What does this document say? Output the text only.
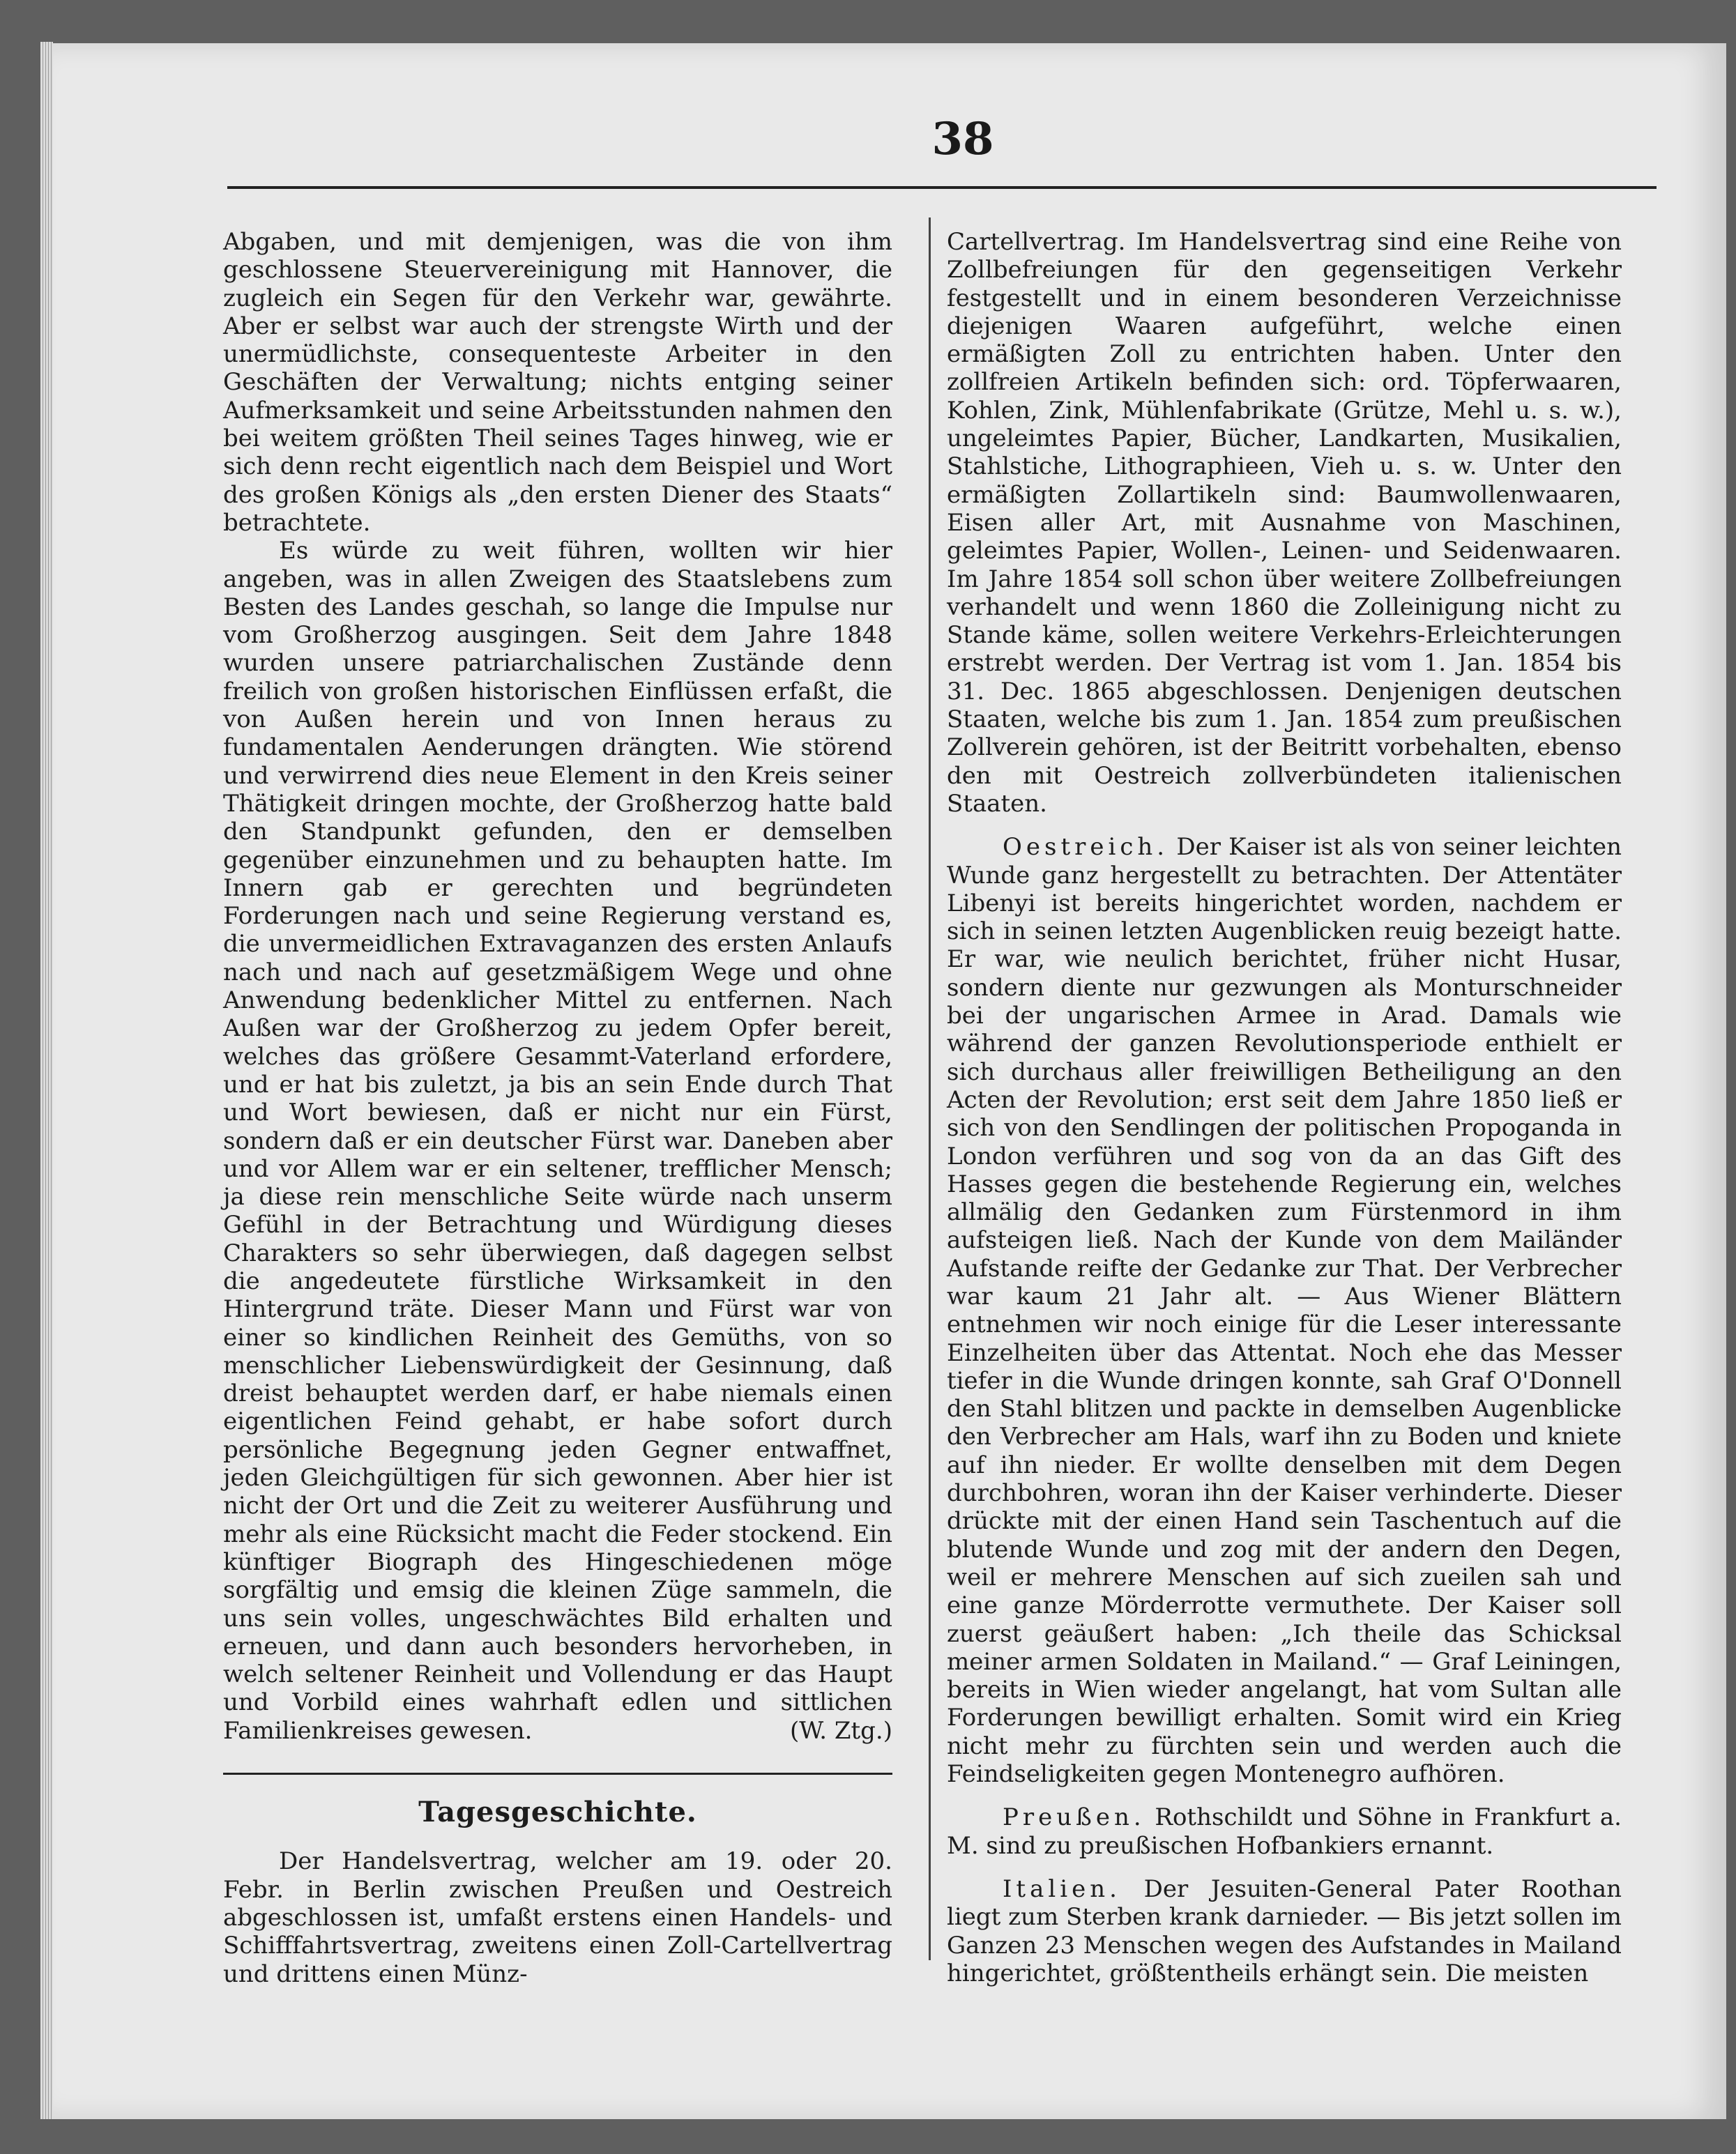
38

Abgaben, und mit demjenigen, was die von ihm geschlossene Steuervereinigung mit Hannover, die zugleich ein Segen für den Verkehr war, gewährte. Aber er selbst war auch der strengste Wirth und der unermüdlichste, consequenteste Arbeiter in den Geschäften der Verwaltung; nichts entging seiner Aufmerksamkeit und seine Arbeitsstunden nahmen den bei weitem größten Theil seines Tages hinweg, wie er sich denn recht eigentlich nach dem Beispiel und Wort des großen Königs als „den ersten Diener des Staats“ betrachtete.

Es würde zu weit führen, wollten wir hier angeben, was in allen Zweigen des Staatslebens zum Besten des Landes geschah, so lange die Impulse nur vom Großherzog ausgingen. Seit dem Jahre 1848 wurden unsere patriarchalischen Zustände denn freilich von großen historischen Einflüssen erfaßt, die von Außen herein und von Innen heraus zu fundamentalen Aenderungen drängten. Wie störend und verwirrend dies neue Element in den Kreis seiner Thätigkeit dringen mochte, der Großherzog hatte bald den Standpunkt gefunden, den er demselben gegenüber einzunehmen und zu behaupten hatte. Im Innern gab er gerechten und begründeten Forderungen nach und seine Regierung verstand es, die unvermeidlichen Extravaganzen des ersten Anlaufs nach und nach auf gesetzmäßigem Wege und ohne Anwendung bedenklicher Mittel zu entfernen. Nach Außen war der Großherzog zu jedem Opfer bereit, welches das größere Gesammt-Vaterland erfordere, und er hat bis zuletzt, ja bis an sein Ende durch That und Wort bewiesen, daß er nicht nur ein Fürst, sondern daß er ein deutscher Fürst war. Daneben aber und vor Allem war er ein seltener, trefflicher Mensch; ja diese rein menschliche Seite würde nach unserm Gefühl in der Betrachtung und Würdigung dieses Charakters so sehr überwiegen, daß dagegen selbst die angedeutete fürstliche Wirksamkeit in den Hintergrund träte. Dieser Mann und Fürst war von einer so kindlichen Reinheit des Gemüths, von so menschlicher Liebenswürdigkeit der Gesinnung, daß dreist behauptet werden darf, er habe niemals einen eigentlichen Feind gehabt, er habe sofort durch persönliche Begegnung jeden Gegner entwaffnet, jeden Gleichgültigen für sich gewonnen. Aber hier ist nicht der Ort und die Zeit zu weiterer Ausführung und mehr als eine Rücksicht macht die Feder stockend. Ein künftiger Biograph des Hingeschiedenen möge sorgfältig und emsig die kleinen Züge sammeln, die uns sein volles, ungeschwächtes Bild erhalten und erneuen, und dann auch besonders hervorheben, in welch seltener Reinheit und Vollendung er das Haupt und Vorbild eines wahrhaft edlen und sittlichen Familienkreises gewesen.	(W. Ztg.)

Tagesgeschichte.

Der Handelsvertrag, welcher am 19. oder 20. Febr. in Berlin zwischen Preußen und Oestreich abgeschlossen ist, umfaßt erstens einen Handels- und Schifffahrtsvertrag, zweitens einen Zoll-Cartellvertrag und drittens einen Münz-

Cartellvertrag. Im Handelsvertrag sind eine Reihe von Zollbefreiungen für den gegenseitigen Verkehr festgestellt und in einem besonderen Verzeichnisse diejenigen Waaren aufgeführt, welche einen ermäßigten Zoll zu entrichten haben. Unter den zollfreien Artikeln befinden sich: ord. Töpferwaaren, Kohlen, Zink, Mühlenfabrikate (Grütze, Mehl u. s. w.), ungeleimtes Papier, Bücher, Landkarten, Musikalien, Stahlstiche, Lithographieen, Vieh u. s. w. Unter den ermäßigten Zollartikeln sind: Baumwollenwaaren, Eisen aller Art, mit Ausnahme von Maschinen, geleimtes Papier, Wollen-, Leinen- und Seidenwaaren. Im Jahre 1854 soll schon über weitere Zollbefreiungen verhandelt und wenn 1860 die Zolleinigung nicht zu Stande käme, sollen weitere Verkehrs-Erleichterungen erstrebt werden. Der Vertrag ist vom 1. Jan. 1854 bis 31. Dec. 1865 abgeschlossen. Denjenigen deutschen Staaten, welche bis zum 1. Jan. 1854 zum preußischen Zollverein gehören, ist der Beitritt vorbehalten, ebenso den mit Oestreich zollverbündeten italienischen Staaten.

Oestreich. Der Kaiser ist als von seiner leichten Wunde ganz hergestellt zu betrachten. Der Attentäter Libenyi ist bereits hingerichtet worden, nachdem er sich in seinen letzten Augenblicken reuig bezeigt hatte. Er war, wie neulich berichtet, früher nicht Husar, sondern diente nur gezwungen als Monturschneider bei der ungarischen Armee in Arad. Damals wie während der ganzen Revolutionsperiode enthielt er sich durchaus aller freiwilligen Betheiligung an den Acten der Revolution; erst seit dem Jahre 1850 ließ er sich von den Sendlingen der politischen Propoganda in London verführen und sog von da an das Gift des Hasses gegen die bestehende Regierung ein, welches allmälig den Gedanken zum Fürstenmord in ihm aufsteigen ließ. Nach der Kunde von dem Mailänder Aufstande reifte der Gedanke zur That. Der Verbrecher war kaum 21 Jahr alt. — Aus Wiener Blättern entnehmen wir noch einige für die Leser interessante Einzelheiten über das Attentat. Noch ehe das Messer tiefer in die Wunde dringen konnte, sah Graf O'Donnell den Stahl blitzen und packte in demselben Augenblicke den Verbrecher am Hals, warf ihn zu Boden und kniete auf ihn nieder. Er wollte denselben mit dem Degen durchbohren, woran ihn der Kaiser verhinderte. Dieser drückte mit der einen Hand sein Taschentuch auf die blutende Wunde und zog mit der andern den Degen, weil er mehrere Menschen auf sich zueilen sah und eine ganze Mörderrotte vermuthete. Der Kaiser soll zuerst geäußert haben: „Ich theile das Schicksal meiner armen Soldaten in Mailand.“ — Graf Leiningen, bereits in Wien wieder angelangt, hat vom Sultan alle Forderungen bewilligt erhalten. Somit wird ein Krieg nicht mehr zu fürchten sein und werden auch die Feindseligkeiten gegen Montenegro aufhören.

Preußen. Rothschildt und Söhne in Frankfurt a. M. sind zu preußischen Hofbankiers ernannt.

Italien. Der Jesuiten-General Pater Roothan liegt zum Sterben krank darnieder. — Bis jetzt sollen im Ganzen 23 Menschen wegen des Aufstandes in Mailand hingerichtet, größtentheils erhängt sein. Die meisten
